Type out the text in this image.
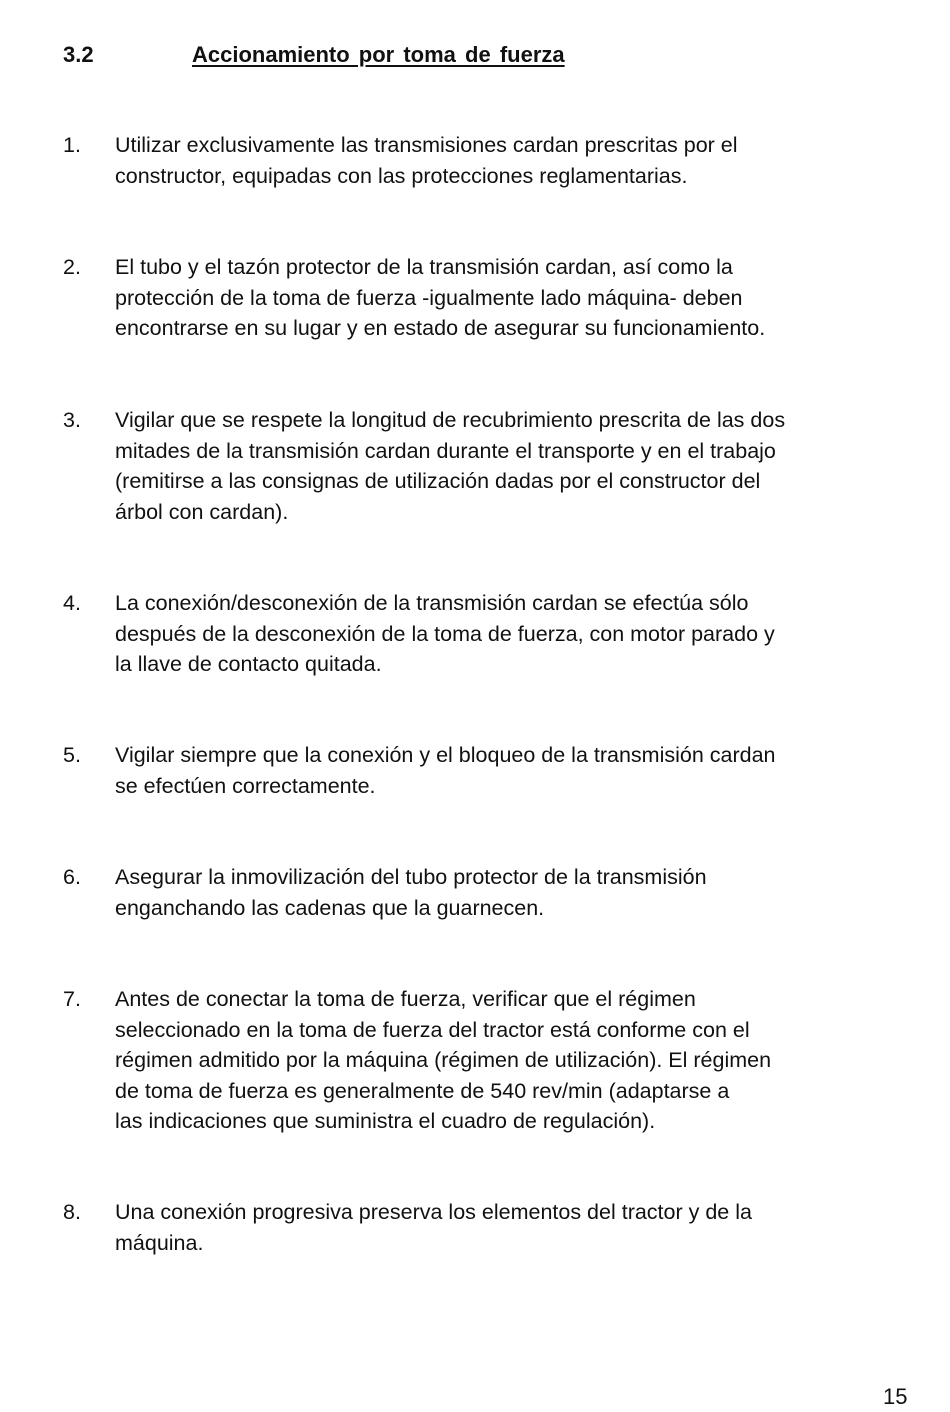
3.2	Accionamiento por toma de fuerza
1. Utilizar exclusivamente las transmisiones cardan prescritas por el
constructor, equipadas con las protecciones reglamentarias.
2. El tubo y el tazón protector de la transmisión cardan, así como la
protección de la toma de fuerza -igualmente lado máquina- deben
encontrarse en su lugar y en estado de asegurar su funcionamiento.
3. Vigilar que se respete la longitud de recubrimiento prescrita de las dos
mitades de la transmisión cardan durante el transporte y en el trabajo
(remitirse a las consignas de utilización dadas por el constructor del
árbol con cardan).
4. La conexión/desconexión de la transmisión cardan se efectúa sólo
después de la desconexión de la toma de fuerza, con motor parado y
la llave de contacto quitada.
5. Vigilar siempre que la conexión y el bloqueo de la transmisión cardan
se efectúen correctamente.
6. Asegurar la inmovilización del tubo protector de la transmisión
enganchando las cadenas que la guarnecen.
7. Antes de conectar la toma de fuerza, verificar que el régimen
seleccionado en la toma de fuerza del tractor está conforme con el
régimen admitido por la máquina (régimen de utilización). El régimen
de toma de fuerza es generalmente de 540 rev/min (adaptarse a
las indicaciones que suministra el cuadro de regulación).
8. Una conexión progresiva preserva los elementos del tractor y de la
máquina.
15
